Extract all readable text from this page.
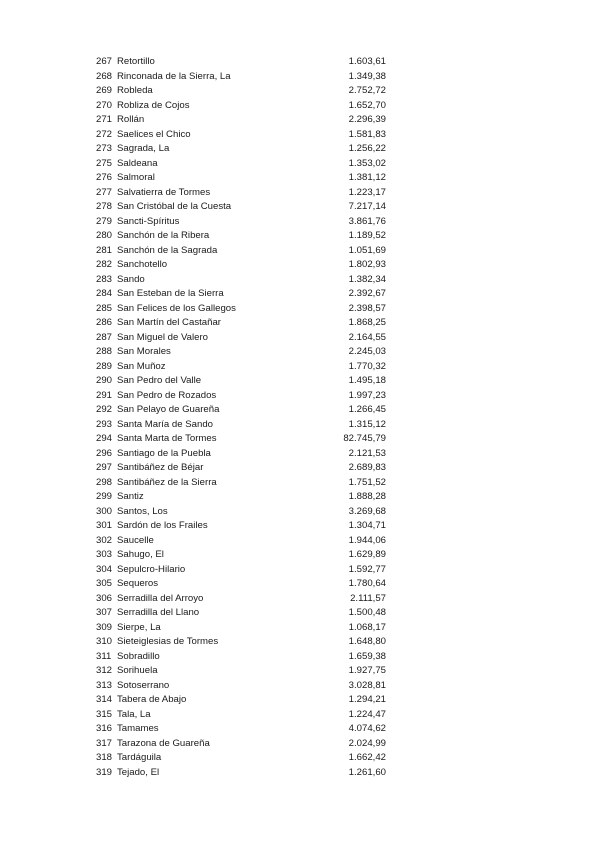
267 Retortillo	1.603,61
268 Rinconada de la Sierra, La	1.349,38
269 Robleda	2.752,72
270 Robliza de Cojos	1.652,70
271 Rollán	2.296,39
272 Saelices el Chico	1.581,83
273 Sagrada, La	1.256,22
275 Saldeana	1.353,02
276 Salmoral	1.381,12
277 Salvatierra de Tormes	1.223,17
278 San Cristóbal de la Cuesta	7.217,14
279 Sancti-Spíritus	3.861,76
280 Sanchón de la Ribera	1.189,52
281 Sanchón de la Sagrada	1.051,69
282 Sanchotello	1.802,93
283 Sando	1.382,34
284 San Esteban de la Sierra	2.392,67
285 San Felices de los Gallegos	2.398,57
286 San Martín del Castañar	1.868,25
287 San Miguel de Valero	2.164,55
288 San Morales	2.245,03
289 San Muñoz	1.770,32
290 San Pedro del Valle	1.495,18
291 San Pedro de Rozados	1.997,23
292 San Pelayo de Guareña	1.266,45
293 Santa María de Sando	1.315,12
294 Santa Marta de Tormes	82.745,79
296 Santiago de la Puebla	2.121,53
297 Santibáñez de Béjar	2.689,83
298 Santibáñez de la Sierra	1.751,52
299 Santiz	1.888,28
300 Santos, Los	3.269,68
301 Sardón de los Frailes	1.304,71
302 Saucelle	1.944,06
303 Sahugo, El	1.629,89
304 Sepulcro-Hilario	1.592,77
305 Sequeros	1.780,64
306 Serradilla del Arroyo	2.111,57
307 Serradilla del Llano	1.500,48
309 Sierpe, La	1.068,17
310 Sieteiglesias de Tormes	1.648,80
311 Sobradillo	1.659,38
312 Sorihuela	1.927,75
313 Sotoserrano	3.028,81
314 Tabera de Abajo	1.294,21
315 Tala, La	1.224,47
316 Tamames	4.074,62
317 Tarazona de Guareña	2.024,99
318 Tardáguila	1.662,42
319 Tejado, El	1.261,60
